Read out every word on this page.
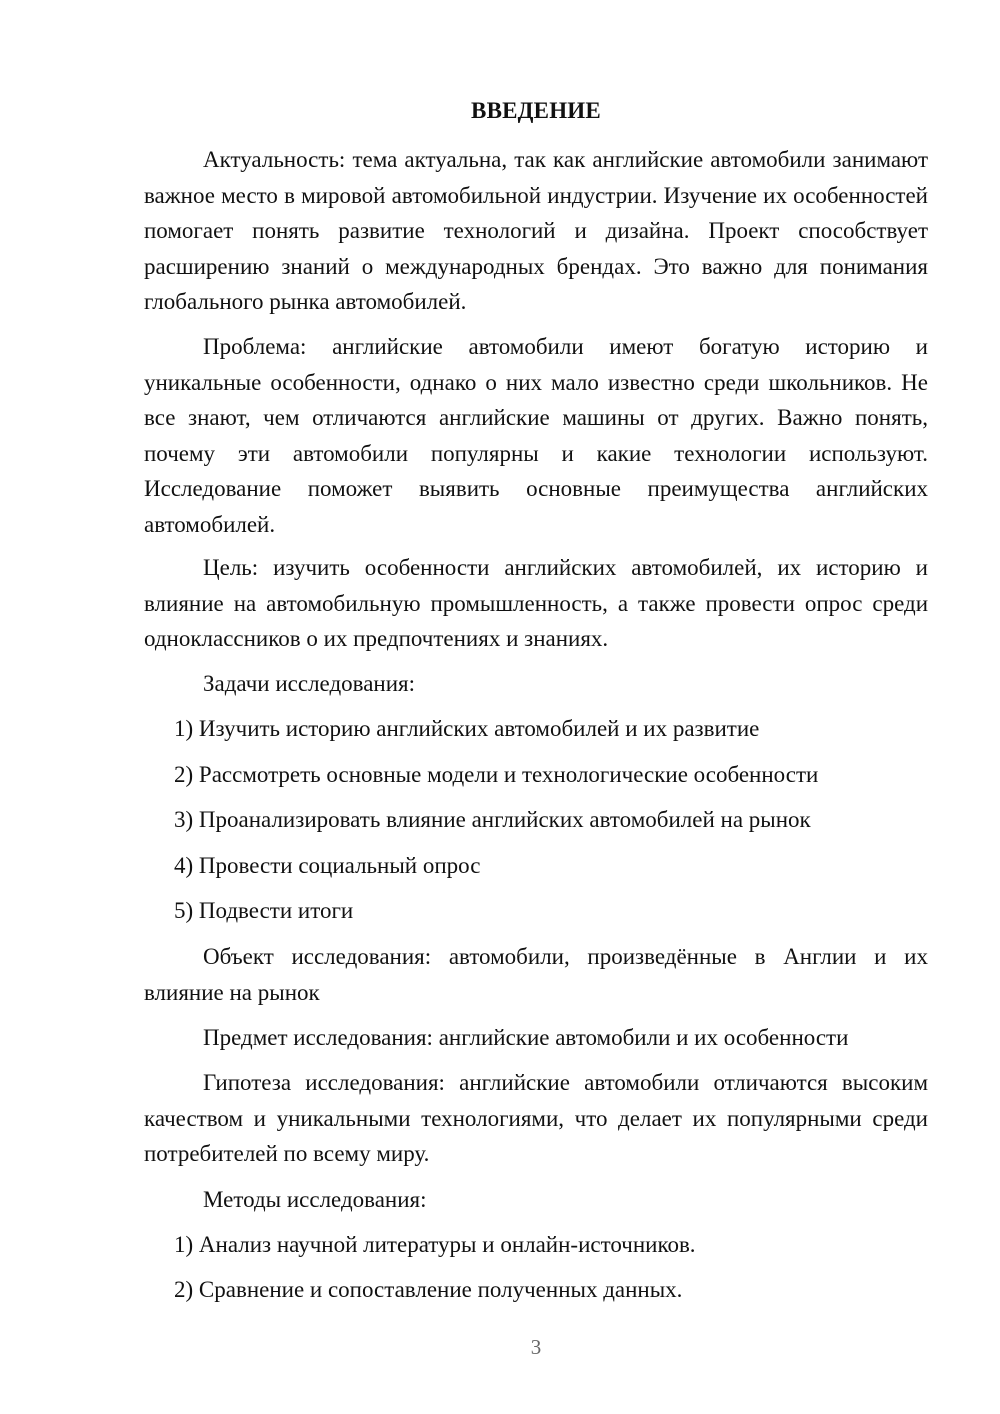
ВВЕДЕНИЕ
Актуальность: тема актуальна, так как английские автомобили занимают важное место в мировой автомобильной индустрии. Изучение их особенностей помогает понять развитие технологий и дизайна. Проект способствует расширению знаний о международных брендах. Это важно для понимания глобального рынка автомобилей.
Проблема: английские автомобили имеют богатую историю и уникальные особенности, однако о них мало известно среди школьников. Не все знают, чем отличаются английские машины от других. Важно понять, почему эти автомобили популярны и какие технологии используют. Исследование поможет выявить основные преимущества английских автомобилей.
Цель: изучить особенности английских автомобилей, их историю и влияние на автомобильную промышленность, а также провести опрос среди одноклассников о их предпочтениях и знаниях.
Задачи исследования:
1) Изучить историю английских автомобилей и их развитие
2) Рассмотреть основные модели и технологические особенности
3) Проанализировать влияние английских автомобилей на рынок
4) Провести социальный опрос
5) Подвести итоги
Объект исследования: автомобили, произведённые в Англии и их влияние на рынок
Предмет исследования: английские автомобили и их особенности
Гипотеза исследования: английские автомобили отличаются высоким качеством и уникальными технологиями, что делает их популярными среди потребителей по всему миру.
Методы исследования:
1) Анализ научной литературы и онлайн-источников.
2) Сравнение и сопоставление полученных данных.
3
